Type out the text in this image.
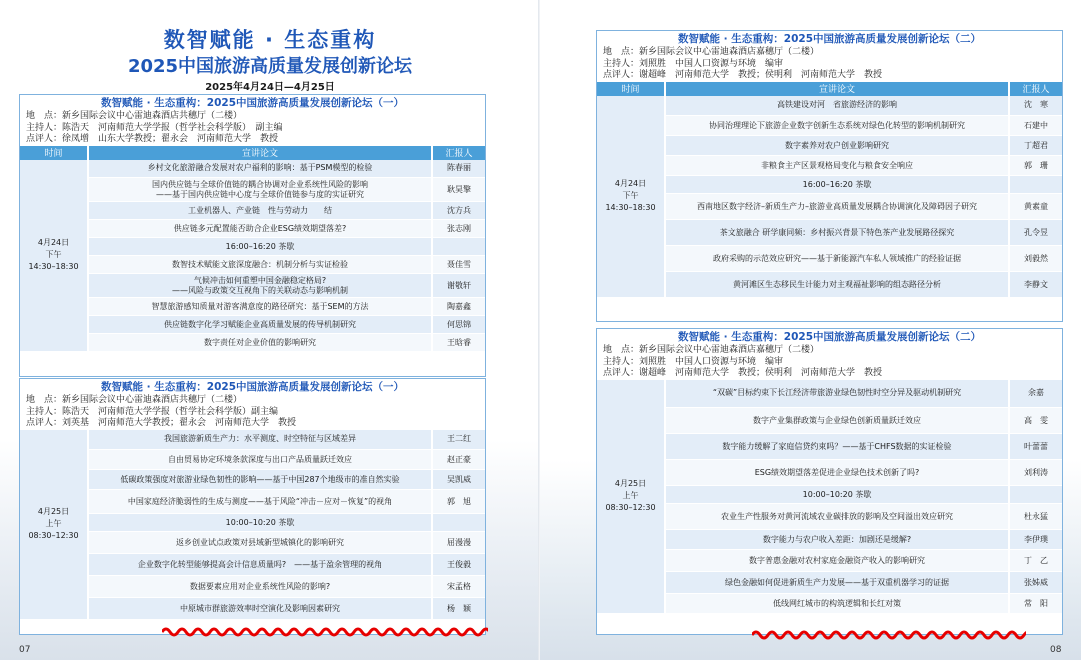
数智赋能 · 生态重构
2025中国旅游高质量发展创新论坛
2025年4月24日—4月25日
数智赋能 · 生态重构：2025中国旅游高质量发展创新论坛（一）
地　点：新乡国际会议中心雷迪森酒店共穗厅（二楼）
主持人：陈浩天　河南师范大学学报（哲学社会科学版）　副主编
点评人：徐凤增　山东大学教授；翟永会　河南师范大学　教授
时间	宣讲论文	汇报人

4月24日
下午
14:30–18:30	乡村文化旅游融合发展对农户福利的影响：基于PSM模型的检验	陈春丽

	国内供应链与全球价值链的耦合协调对企业系统性风险的影响
——基于国内供应链中心度与全球价值链参与度的实证研究	耿昊擎

	工业机器人、产业链　性与劳动力　　结	沈方兵

	供应链多元配置能否助合企业ESG绩效期望落差?	张志刚

	16:00–16:20 茶歇	

	数智技术赋能文旅深度融合：机制分析与实证检验	聂佳雪

	气候冲击如何重塑中国金融稳定格局?
——风险与政策交互视角下的关联动态与影响机制	谢敬轩

	智慧旅游感知质量对游客满意度的路径研究：基于SEM的方法	陶嘉鑫

	供应链数字化学习赋能企业高质量发展的传导机制研究	何思锦

	数字责任对企业价值的影响研究	王晗睿
数智赋能 · 生态重构：2025中国旅游高质量发展创新论坛（一）
地　点：新乡国际会议中心雷迪森酒店共穗厅（二楼）
主持人：陈浩天　河南师范大学学报（哲学社会科学版）副主编
点评人：刘英基　河南师范大学教授；翟永会　河南师范大学　教授
4月25日
上午
08:30–12:30	我国旅游新质生产力：水平测度、时空特征与区域差异	王二红

	自由贸易协定环境条款深度与出口产品质量跃迁效应	赵正豪

	低碳政策强度对旅游业绿色韧性的影响——基于中国287个地级市的准自然实验	吴凯威

	中国家庭经济脆弱性的生成与测度——基于风险“冲击－应对－恢复”的视角	郭　旭

	10:00–10:20 茶歇	

	返乡创业试点政策对县域新型城镇化的影响研究	屈漫漫

	企业数字化转型能够提高会计信息质量吗?　——基于盈余管理的视角	王俊毅

	数据要素应用对企业系统性风险的影响?	宋孟格

	中原城市群旅游效率时空演化及影响因素研究	杨　颖
07
数智赋能 · 生态重构：2025中国旅游高质量发展创新论坛（二）
地　点：新乡国际会议中心雷迪森酒店嘉穗厅（二楼）
主持人：刘照胜　中国人口资源与环境　编审
点评人：谢超峰　河南师范大学　教授；侯明利　河南师范大学　教授
时间	宣讲论文	汇报人

4月24日
下午
14:30–18:30	高铁建设对河　省旅游经济的影响	沈　寒

	协同治理理论下旅游企业数字创新生态系统对绿色化转型的影响机制研究	石建中

	数字素养对农户创业影响研究	丁超君

	非粮食主产区景观格局变化与粮食安全响应	郭　珊

	16:00–16:20 茶歇	

	西南地区数字经济–新质生产力–旅游业高质量发展耦合协调演化及障碍因子研究	黄素童

	茶文旅融合 研学康同频：乡村振兴背景下特色茶产业发展路径探究	孔令昱

	政府采购的示范效应研究——基于新能源汽车私人领域推广的经验证据	刘毅然

	黄河滩区生态移民生计能力对主观福祉影响的组态路径分析	李静文
数智赋能 · 生态重构：2025中国旅游高质量发展创新论坛（二）
地　点：新乡国际会议中心雷迪森酒店嘉穗厅（二楼）
主持人：刘照胜　中国人口资源与环境　编审
点评人：谢超峰　河南师范大学　教授；侯明利　河南师范大学　教授
4月25日
上午
08:30–12:30	“双碳”目标约束下长江经济带旅游业绿色韧性时空分异及驱动机制研究	余嘉

	数字产业集群政策与企业绿色创新质量跃迁效应	高　雯

	数字能力缓解了家庭信贷约束吗？——基于CHFS数据的实证检验	叶蕾蕾

	ESG绩效期望落差促进企业绿色技术创新了吗?	刘利涛

	10:00–10:20 茶歇	

	农业生产性服务对黄河流域农业碳排放的影响及空间溢出效应研究	杜永猛

	数字能力与农户收入差距：加剧还是缓解?	李伊璞

	数字普惠金融对农村家庭金融资产收入的影响研究	丁　乙

	绿色金融如何促进新质生产力发展——基于双重机器学习的证据	张姊威

	低线网红城市的构筑逻辑和长红对策	常　阳
08
